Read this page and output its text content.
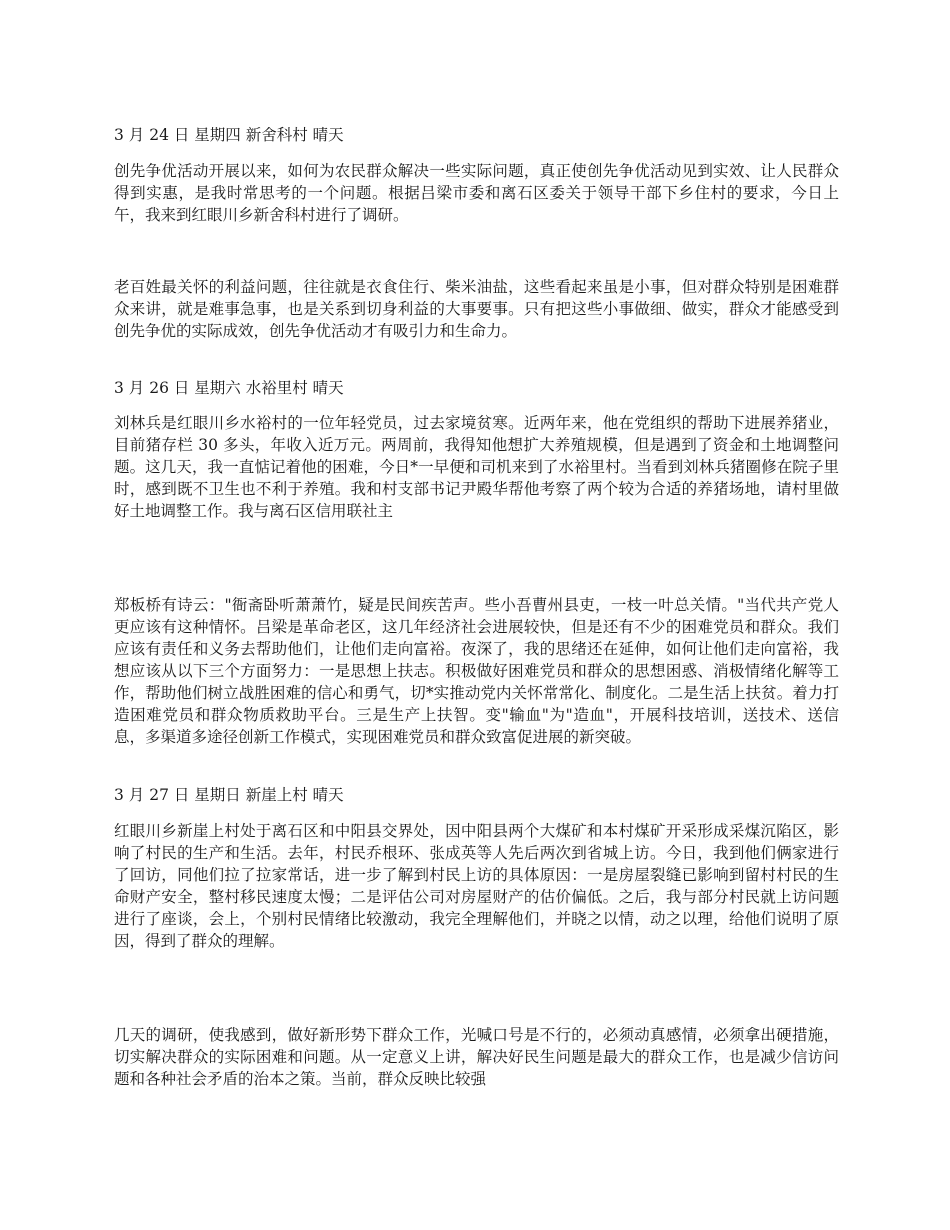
3 月 24 日 星期四 新舍科村 晴天

创先争优活动开展以来，如何为农民群众解决一些实际问题，真正使创先争优活动见到实效、让人民群众得到实惠，是我时常思考的一个问题。根据吕梁市委和离石区委关于领导干部下乡住村的要求，今日上午，我来到红眼川乡新舍科村进行了调研。

老百姓最关怀的利益问题，往往就是衣食住行、柴米油盐，这些看起来虽是小事，但对群众特别是困难群众来讲，就是难事急事，也是关系到切身利益的大事要事。只有把这些小事做细、做实，群众才能感受到创先争优的实际成效，创先争优活动才有吸引力和生命力。

3 月 26 日 星期六 水裕里村 晴天

刘林兵是红眼川乡水裕村的一位年轻党员，过去家境贫寒。近两年来，他在党组织的帮助下进展养猪业，目前猪存栏 30 多头，年收入近万元。两周前，我得知他想扩大养殖规模，但是遇到了资金和土地调整问题。这几天，我一直惦记着他的困难，今日*一早便和司机来到了水裕里村。当看到刘林兵猪圈修在院子里时，感到既不卫生也不利于养殖。我和村支部书记尹殿华帮他考察了两个较为合适的养猪场地，请村里做好土地调整工作。我与离石区信用联社主

郑板桥有诗云："衙斋卧听萧萧竹，疑是民间疾苦声。些小吾曹州县吏，一枝一叶总关情。"当代共产党人更应该有这种情怀。吕梁是革命老区，这几年经济社会进展较快，但是还有不少的困难党员和群众。我们应该有责任和义务去帮助他们，让他们走向富裕。夜深了，我的思绪还在延伸，如何让他们走向富裕，我想应该从以下三个方面努力：一是思想上扶志。积极做好困难党员和群众的思想困惑、消极情绪化解等工作，帮助他们树立战胜困难的信心和勇气，切*实推动党内关怀常常化、制度化。二是生活上扶贫。着力打造困难党员和群众物质救助平台。三是生产上扶智。变"输血"为"造血"，开展科技培训，送技术、送信息，多渠道多途径创新工作模式，实现困难党员和群众致富促进展的新突破。

3 月 27 日 星期日 新崖上村 晴天

红眼川乡新崖上村处于离石区和中阳县交界处，因中阳县两个大煤矿和本村煤矿开采形成采煤沉陷区，影响了村民的生产和生活。去年，村民乔根环、张成英等人先后两次到省城上访。今日，我到他们俩家进行了回访，同他们拉了拉家常话，进一步了解到村民上访的具体原因：一是房屋裂缝已影响到留村村民的生命财产安全，整村移民速度太慢；二是评估公司对房屋财产的估价偏低。之后，我与部分村民就上访问题进行了座谈，会上，个别村民情绪比较激动，我完全理解他们，并晓之以情，动之以理，给他们说明了原因，得到了群众的理解。

几天的调研，使我感到，做好新形势下群众工作，光喊口号是不行的，必须动真感情，必须拿出硬措施，切实解决群众的实际困难和问题。从一定意义上讲，解决好民生问题是最大的群众工作，也是减少信访问题和各种社会矛盾的治本之策。当前，群众反映比较强
